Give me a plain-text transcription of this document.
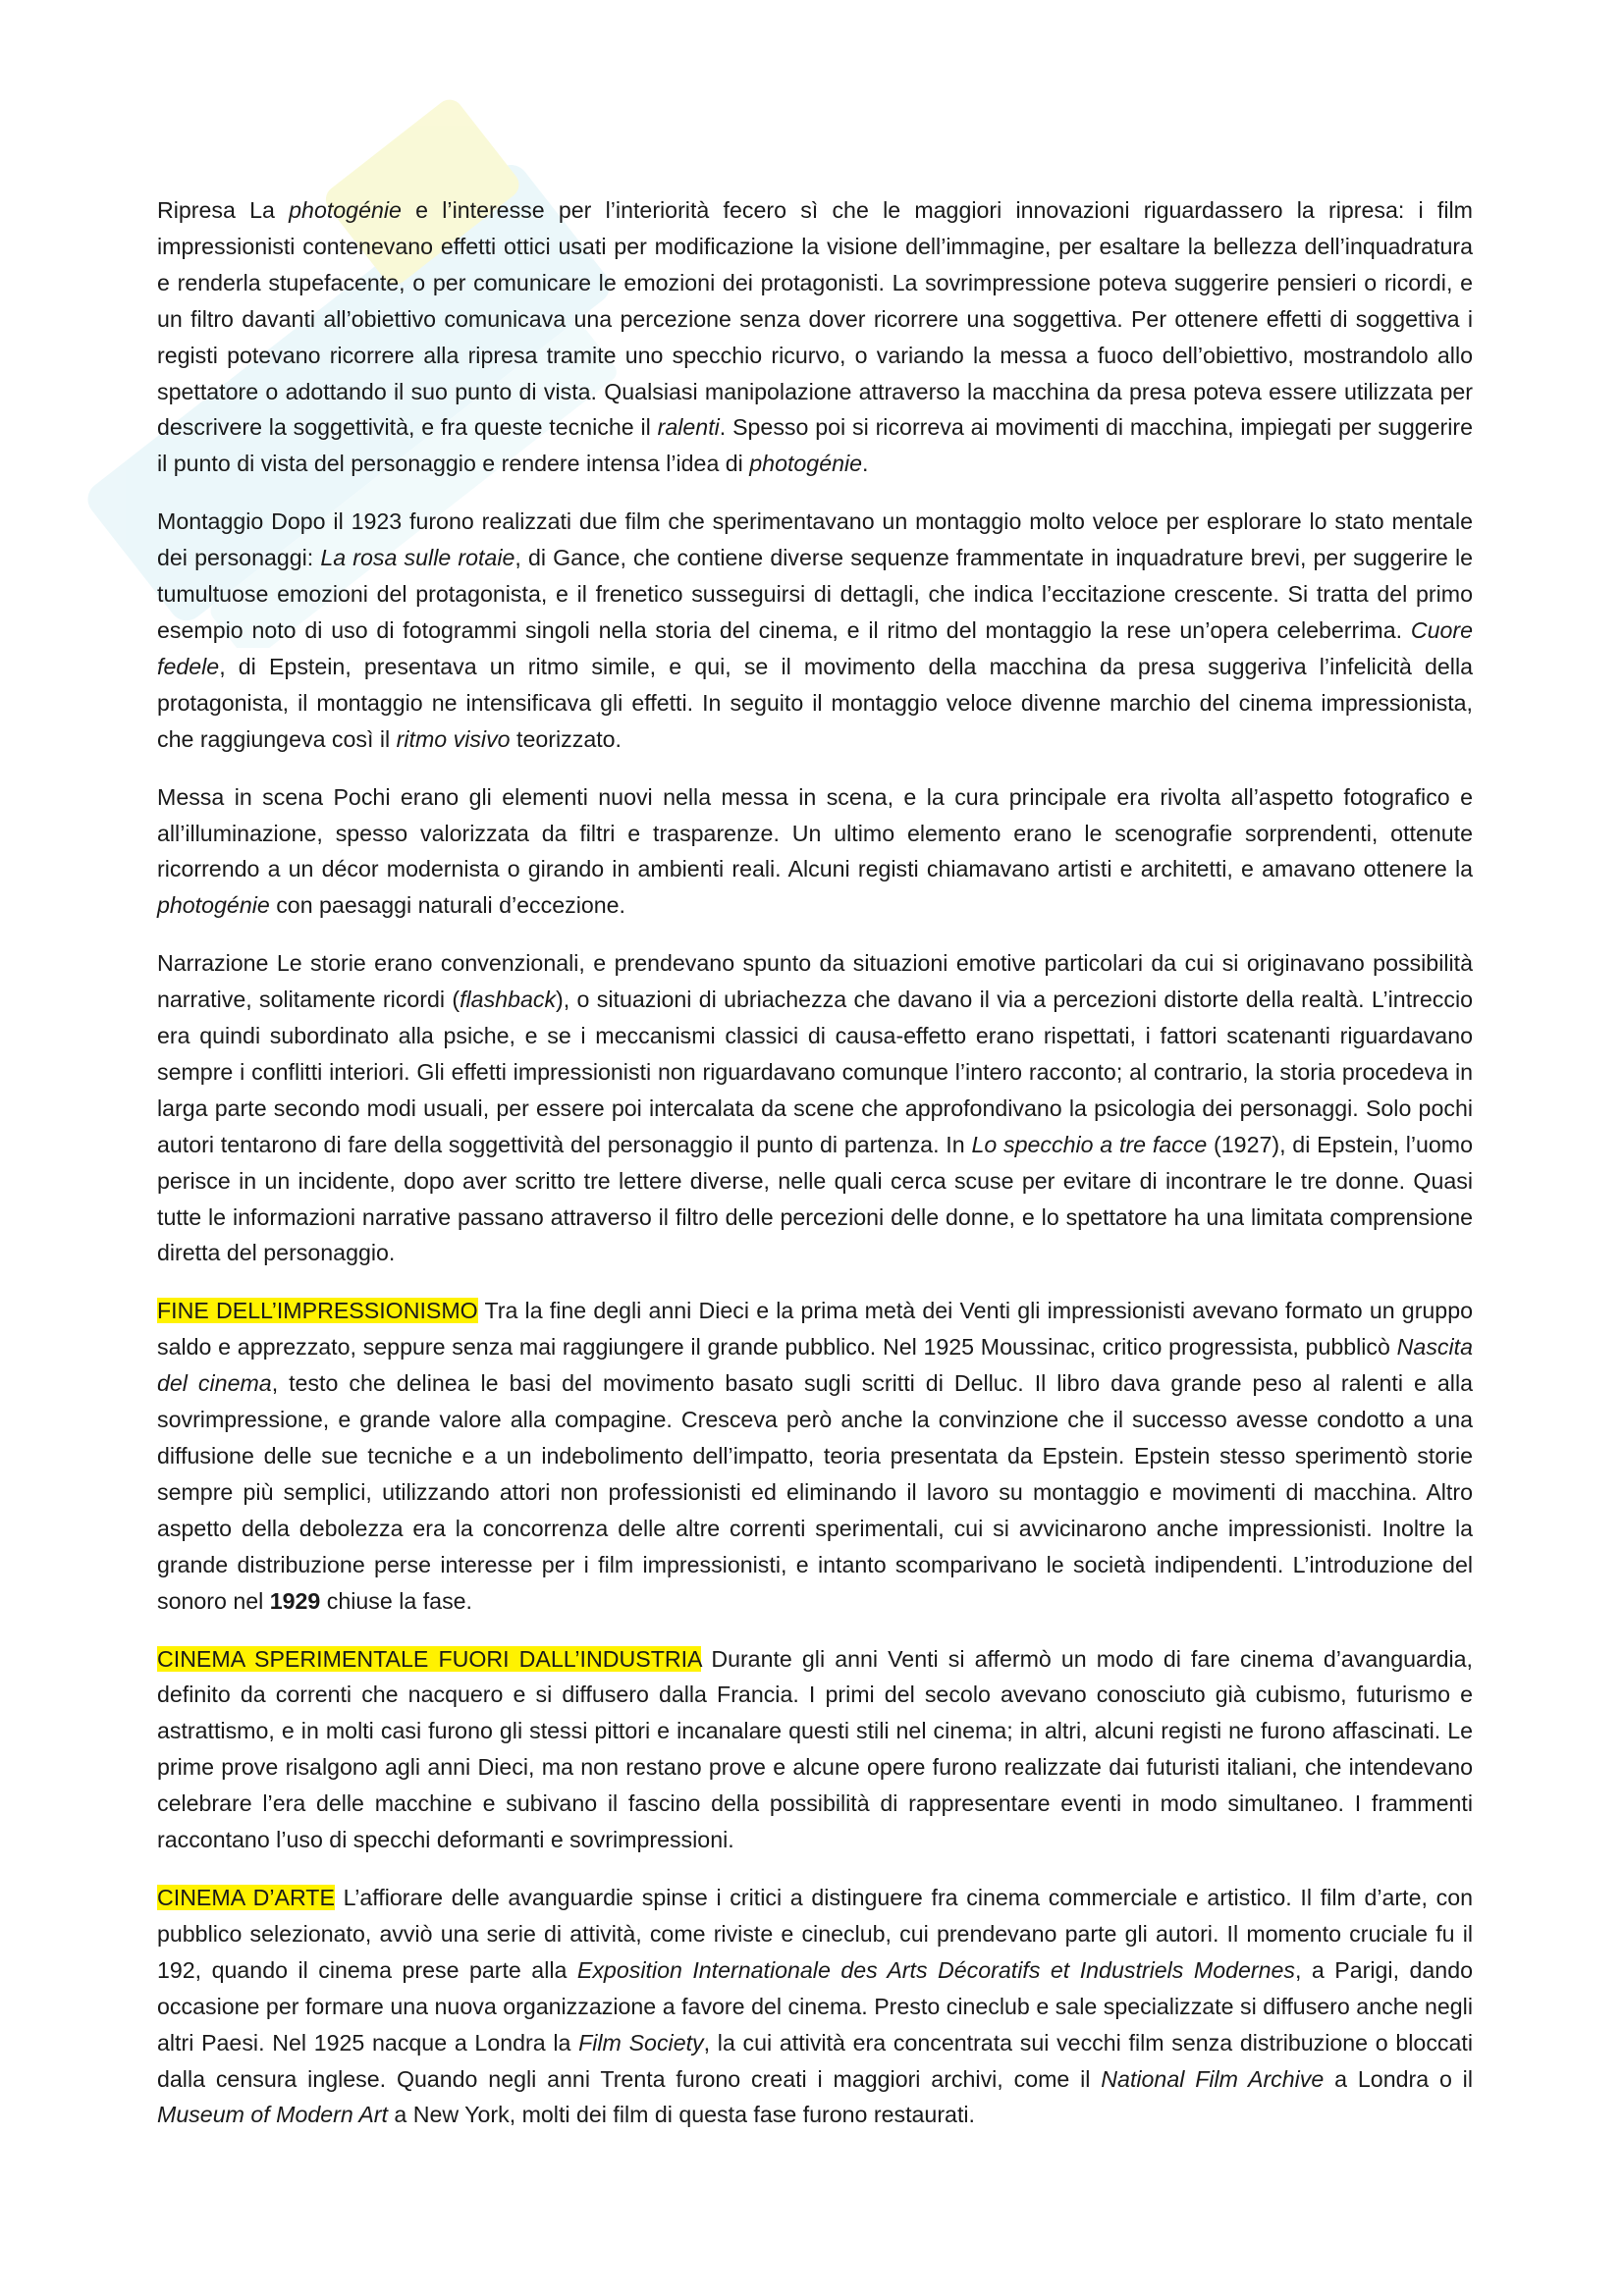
Ripresa La photogénie e l’interesse per l’interiorità fecero sì che le maggiori innovazioni riguardassero la ripresa: i film impressionisti contenevano effetti ottici usati per modificazione la visione dell’immagine, per esaltare la bellezza dell’inquadratura e renderla stupefacente, o per comunicare le emozioni dei protagonisti. La sovrimpressione poteva suggerire pensieri o ricordi, e un filtro davanti all’obiettivo comunicava una percezione senza dover ricorrere una soggettiva. Per ottenere effetti di soggettiva i registi potevano ricorrere alla ripresa tramite uno specchio ricurvo, o variando la messa a fuoco dell’obiettivo, mostrandolo allo spettatore o adottando il suo punto di vista. Qualsiasi manipolazione attraverso la macchina da presa poteva essere utilizzata per descrivere la soggettività, e fra queste tecniche il ralenti. Spesso poi si ricorreva ai movimenti di macchina, impiegati per suggerire il punto di vista del personaggio e rendere intensa l’idea di photogénie.

Montaggio Dopo il 1923 furono realizzati due film che sperimentavano un montaggio molto veloce per esplorare lo stato mentale dei personaggi: La rosa sulle rotaie, di Gance, che contiene diverse sequenze frammentate in inquadrature brevi, per suggerire le tumultuose emozioni del protagonista, e il frenetico susseguirsi di dettagli, che indica l’eccitazione crescente. Si tratta del primo esempio noto di uso di fotogrammi singoli nella storia del cinema, e il ritmo del montaggio la rese un’opera celeberrima. Cuore fedele, di Epstein, presentava un ritmo simile, e qui, se il movimento della macchina da presa suggeriva l’infelicità della protagonista, il montaggio ne intensificava gli effetti. In seguito il montaggio veloce divenne marchio del cinema impressionista, che raggiungeva così il ritmo visivo teorizzato.

Messa in scena Pochi erano gli elementi nuovi nella messa in scena, e la cura principale era rivolta all’aspetto fotografico e all’illuminazione, spesso valorizzata da filtri e trasparenze. Un ultimo elemento erano le scenografie sorprendenti, ottenute ricorrendo a un décor modernista o girando in ambienti reali. Alcuni registi chiamavano artisti e architetti, e amavano ottenere la photogénie con paesaggi naturali d’eccezione.

Narrazione Le storie erano convenzionali, e prendevano spunto da situazioni emotive particolari da cui si originavano possibilità narrative, solitamente ricordi (flashback), o situazioni di ubriachezza che davano il via a percezioni distorte della realtà. L’intreccio era quindi subordinato alla psiche, e se i meccanismi classici di causa-effetto erano rispettati, i fattori scatenanti riguardavano sempre i conflitti interiori. Gli effetti impressionisti non riguardavano comunque l’intero racconto; al contrario, la storia procedeva in larga parte secondo modi usuali, per essere poi intercalata da scene che approfondivano la psicologia dei personaggi. Solo pochi autori tentarono di fare della soggettività del personaggio il punto di partenza. In Lo specchio a tre facce (1927), di Epstein, l’uomo perisce in un incidente, dopo aver scritto tre lettere diverse, nelle quali cerca scuse per evitare di incontrare le tre donne. Quasi tutte le informazioni narrative passano attraverso il filtro delle percezioni delle donne, e lo spettatore ha una limitata comprensione diretta del personaggio.

FINE DELL’IMPRESSIONISMO Tra la fine degli anni Dieci e la prima metà dei Venti gli impressionisti avevano formato un gruppo saldo e apprezzato, seppure senza mai raggiungere il grande pubblico. Nel 1925 Moussinac, critico progressista, pubblicò Nascita del cinema, testo che delinea le basi del movimento basato sugli scritti di Delluc. Il libro dava grande peso al ralenti e alla sovrimpressione, e grande valore alla compagine. Cresceva però anche la convinzione che il successo avesse condotto a una diffusione delle sue tecniche e a un indebolimento dell’impatto, teoria presentata da Epstein. Epstein stesso sperimentò storie sempre più semplici, utilizzando attori non professionisti ed eliminando il lavoro su montaggio e movimenti di macchina. Altro aspetto della debolezza era la concorrenza delle altre correnti sperimentali, cui si avvicinarono anche impressionisti. Inoltre la grande distribuzione perse interesse per i film impressionisti, e intanto scomparivano le società indipendenti. L’introduzione del sonoro nel 1929 chiuse la fase.

CINEMA SPERIMENTALE FUORI DALL’INDUSTRIA Durante gli anni Venti si affermò un modo di fare cinema d’avanguardia, definito da correnti che nacquero e si diffusero dalla Francia. I primi del secolo avevano conosciuto già cubismo, futurismo e astrattismo, e in molti casi furono gli stessi pittori e incanalare questi stili nel cinema; in altri, alcuni registi ne furono affascinati. Le prime prove risalgono agli anni Dieci, ma non restano prove e alcune opere furono realizzate dai futuristi italiani, che intendevano celebrare l’era delle macchine e subivano il fascino della possibilità di rappresentare eventi in modo simultaneo. I frammenti raccontano l’uso di specchi deformanti e sovrimpressioni.

CINEMA D’ARTE L’affiorare delle avanguardie spinse i critici a distinguere fra cinema commerciale e artistico. Il film d’arte, con pubblico selezionato, avviò una serie di attività, come riviste e cineclub, cui prendevano parte gli autori. Il momento cruciale fu il 192, quando il cinema prese parte alla Exposition Internationale des Arts Décoratifs et Industriels Modernes, a Parigi, dando occasione per formare una nuova organizzazione a favore del cinema. Presto cineclub e sale specializzate si diffusero anche negli altri Paesi. Nel 1925 nacque a Londra la Film Society, la cui attività era concentrata sui vecchi film senza distribuzione o bloccati dalla censura inglese. Quando negli anni Trenta furono creati i maggiori archivi, come il National Film Archive a Londra o il Museum of Modern Art a New York, molti dei film di questa fase furono restaurati.
